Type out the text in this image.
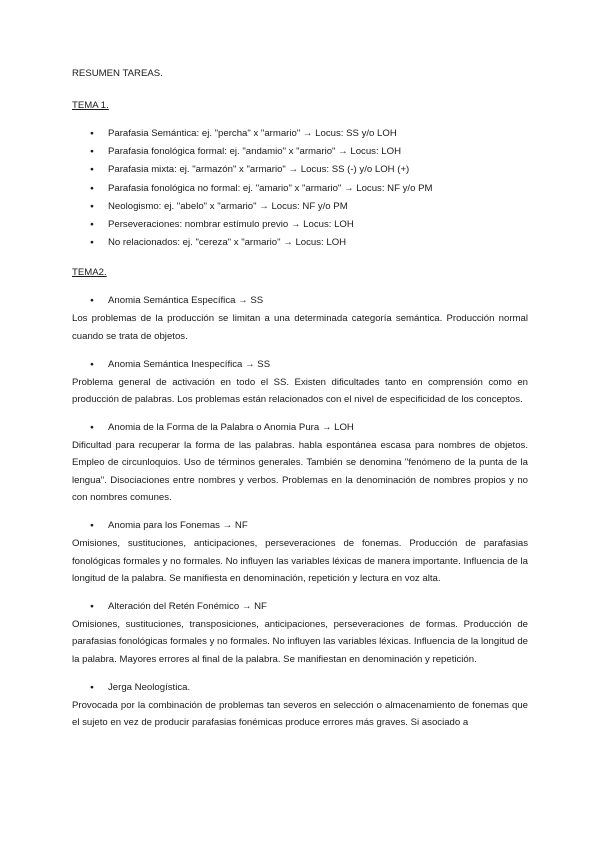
RESUMEN TAREAS.
TEMA 1.
● Parafasia Semántica: ej. "percha" x "armario" → Locus: SS y/o LOH
● Parafasia fonológica formal: ej. "andamio" x "armario" → Locus: LOH
● Parafasia mixta: ej. "armazón" x "armario" → Locus: SS (-) y/o LOH (+)
● Parafasia fonológica no formal: ej. "amario" x "armario" → Locus: NF y/o PM
● Neologismo: ej. "abelo" x "armario" → Locus: NF y/o PM
● Perseveraciones: nombrar estímulo previo → Locus: LOH
● No relacionados: ej. "cereza" x "armario" → Locus: LOH
TEMA2.
● Anomia Semántica Específica → SS

Los problemas de la producción se limitan a una determinada categoría semántica. Producción normal cuando se trata de objetos.

● Anomia Semántica Inespecífica → SS

Problema general de activación en todo el SS. Existen dificultades tanto en comprensión como en producción de palabras. Los problemas están relacionados con el nivel de especificidad de los conceptos.

● Anomia de la Forma de la Palabra o Anomia Pura → LOH

Dificultad para recuperar la forma de las palabras. habla espontánea escasa para nombres de objetos. Empleo de circunloquios. Uso de términos generales. También se denomina "fenómeno de la punta de la lengua". Disociaciones entre nombres y verbos. Problemas en la denominación de nombres propios y no con nombres comunes.

● Anomia para los Fonemas → NF

Omisiones, sustituciones, anticipaciones, perseveraciones de fonemas. Producción de parafasias fonológicas formales y no formales. No influyen las variables léxicas de manera importante. Influencia de la longitud de la palabra. Se manifiesta en denominación, repetición y lectura en voz alta.

● Alteración del Retén Fonémico → NF

Omisiones, sustituciones, transposiciones, anticipaciones, perseveraciones de formas. Producción de parafasias fonológicas formales y no formales. No influyen las variables léxicas. Influencia de la longitud de la palabra. Mayores errores al final de la palabra. Se manifiestan en denominación y repetición.

● Jerga Neologística.

Provocada por la combinación de problemas tan severos en selección o almacenamiento de fonemas que el sujeto en vez de producir parafasias fonémicas produce errores más graves. Si asociado a
